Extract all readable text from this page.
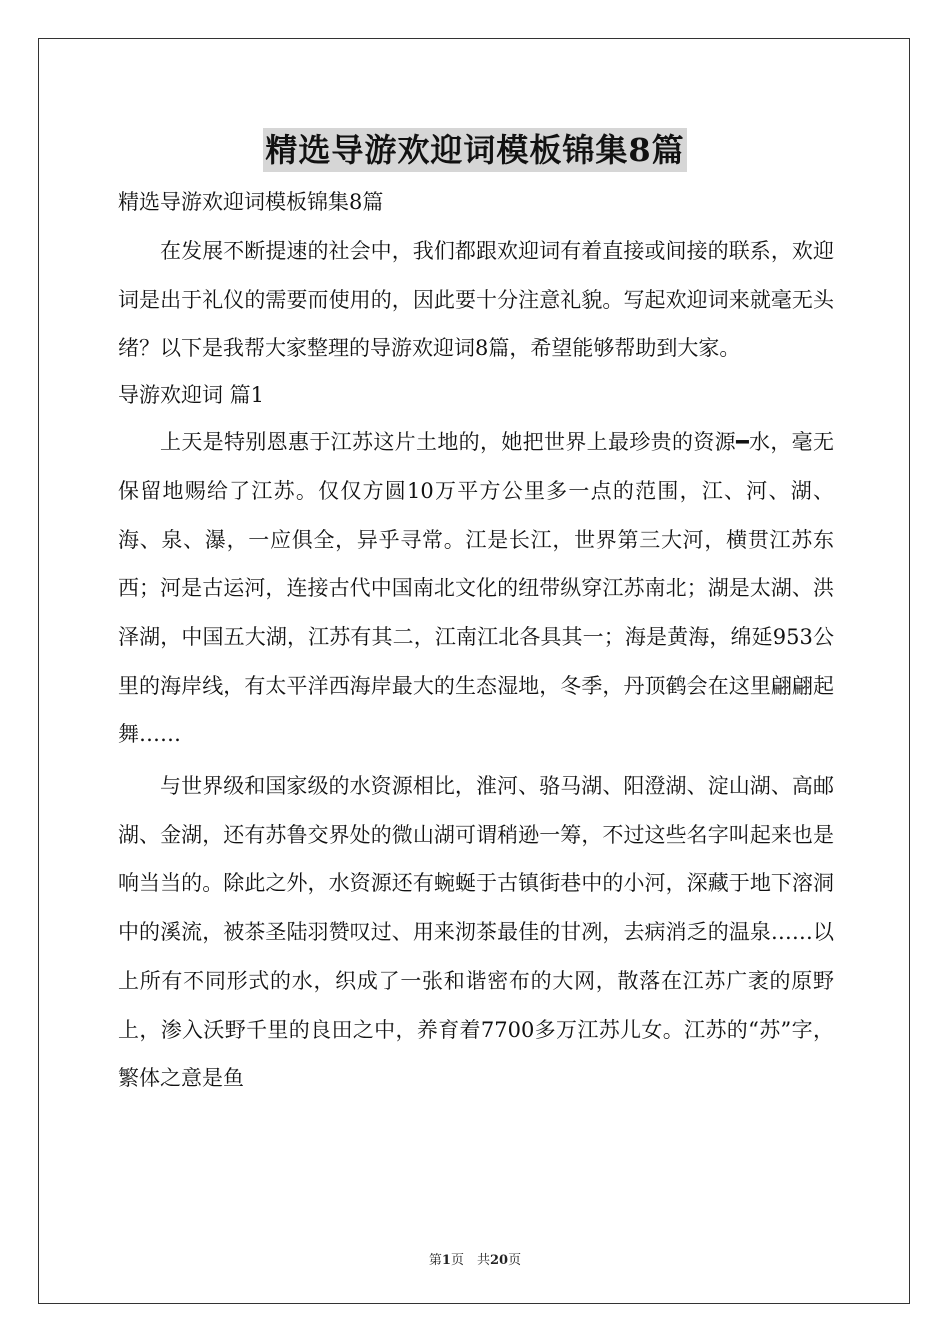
精选导游欢迎词模板锦集8篇

精选导游欢迎词模板锦集8篇

在发展不断提速的社会中，我们都跟欢迎词有着直接或间接的联系，欢迎词是出于礼仪的需要而使用的，因此要十分注意礼貌。写起欢迎词来就毫无头绪？以下是我帮大家整理的导游欢迎词8篇，希望能够帮助到大家。

导游欢迎词 篇1

上天是特别恩惠于江苏这片土地的，她把世界上最珍贵的资源━水，毫无保留地赐给了江苏。仅仅方圆10万平方公里多一点的范围，江、河、湖、海、泉、瀑，一应俱全，异乎寻常。江是长江，世界第三大河，横贯江苏东西；河是古运河，连接古代中国南北文化的纽带纵穿江苏南北；湖是太湖、洪泽湖，中国五大湖，江苏有其二，江南江北各具其一；海是黄海，绵延953公里的海岸线，有太平洋西海岸最大的生态湿地，冬季，丹顶鹤会在这里翩翩起舞……

与世界级和国家级的水资源相比，淮河、骆马湖、阳澄湖、淀山湖、高邮湖、金湖，还有苏鲁交界处的微山湖可谓稍逊一筹，不过这些名字叫起来也是响当当的。除此之外，水资源还有蜿蜒于古镇街巷中的小河，深藏于地下溶洞中的溪流，被茶圣陆羽赞叹过、用来沏茶最佳的甘冽，去病消乏的温泉……以上所有不同形式的水，织成了一张和谐密布的大网，散落在江苏广袤的原野上，渗入沃野千里的良田之中，养育着7700多万江苏儿女。江苏的“苏”字，繁体之意是鱼

第1页　共20页
